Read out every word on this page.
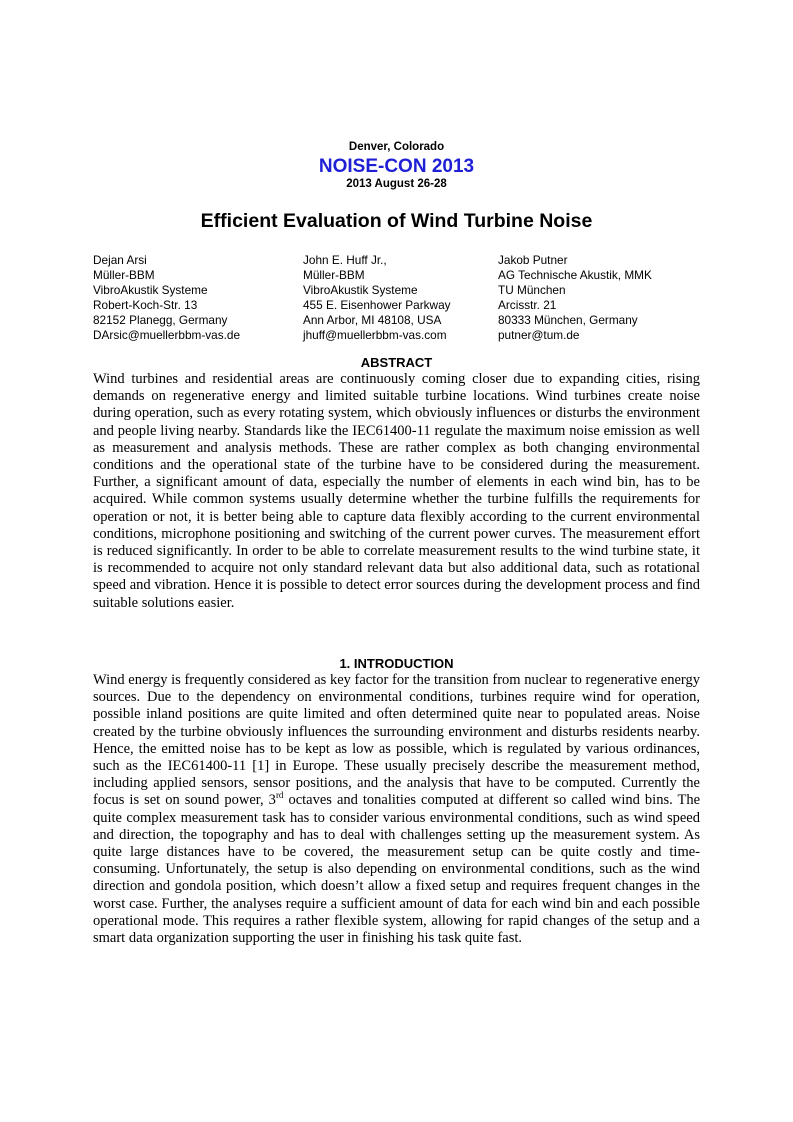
Denver, Colorado
NOISE-CON 2013
2013 August 26-28
Efficient Evaluation of Wind Turbine Noise
Dejan Arsi
Müller-BBM
VibroAkustik Systeme
Robert-Koch-Str. 13
82152 Planegg, Germany
DArsic@muellerbbm-vas.de
John E. Huff Jr.,
Müller-BBM
VibroAkustik Systeme
455 E. Eisenhower Parkway
Ann Arbor, MI 48108, USA
jhuff@muellerbbm-vas.com
Jakob Putner
AG Technische Akustik, MMK
TU München
Arcisstr. 21
80333 München, Germany
putner@tum.de
ABSTRACT
Wind turbines and residential areas are continuously coming closer due to expanding cities, rising demands on regenerative energy and limited suitable turbine locations. Wind turbines create noise during operation, such as every rotating system, which obviously influences or disturbs the environment and people living nearby. Standards like the IEC61400-11 regulate the maximum noise emission as well as measurement and analysis methods. These are rather complex as both changing environmental conditions and the operational state of the turbine have to be considered during the measurement. Further, a significant amount of data, especially the number of elements in each wind bin, has to be acquired. While common systems usually determine whether the turbine fulfills the requirements for operation or not, it is better being able to capture data flexibly according to the current environmental conditions, microphone positioning and switching of the current power curves. The measurement effort is reduced significantly. In order to be able to correlate measurement results to the wind turbine state, it is recommended to acquire not only standard relevant data but also additional data, such as rotational speed and vibration. Hence it is possible to detect error sources during the development process and find suitable solutions easier.
1. INTRODUCTION
Wind energy is frequently considered as key factor for the transition from nuclear to regenerative energy sources. Due to the dependency on environmental conditions, turbines require wind for operation, possible inland positions are quite limited and often determined quite near to populated areas. Noise created by the turbine obviously influences the surrounding environment and disturbs residents nearby. Hence, the emitted noise has to be kept as low as possible, which is regulated by various ordinances, such as the IEC61400-11 [1] in Europe. These usually precisely describe the measurement method, including applied sensors, sensor positions, and the analysis that have to be computed. Currently the focus is set on sound power, 3rd octaves and tonalities computed at different so called wind bins. The quite complex measurement task has to consider various environmental conditions, such as wind speed and direction, the topography and has to deal with challenges setting up the measurement system. As quite large distances have to be covered, the measurement setup can be quite costly and time-consuming. Unfortunately, the setup is also depending on environmental conditions, such as the wind direction and gondola position, which doesn’t allow a fixed setup and requires frequent changes in the worst case. Further, the analyses require a sufficient amount of data for each wind bin and each possible operational mode. This requires a rather flexible system, allowing for rapid changes of the setup and a smart data organization supporting the user in finishing his task quite fast.
